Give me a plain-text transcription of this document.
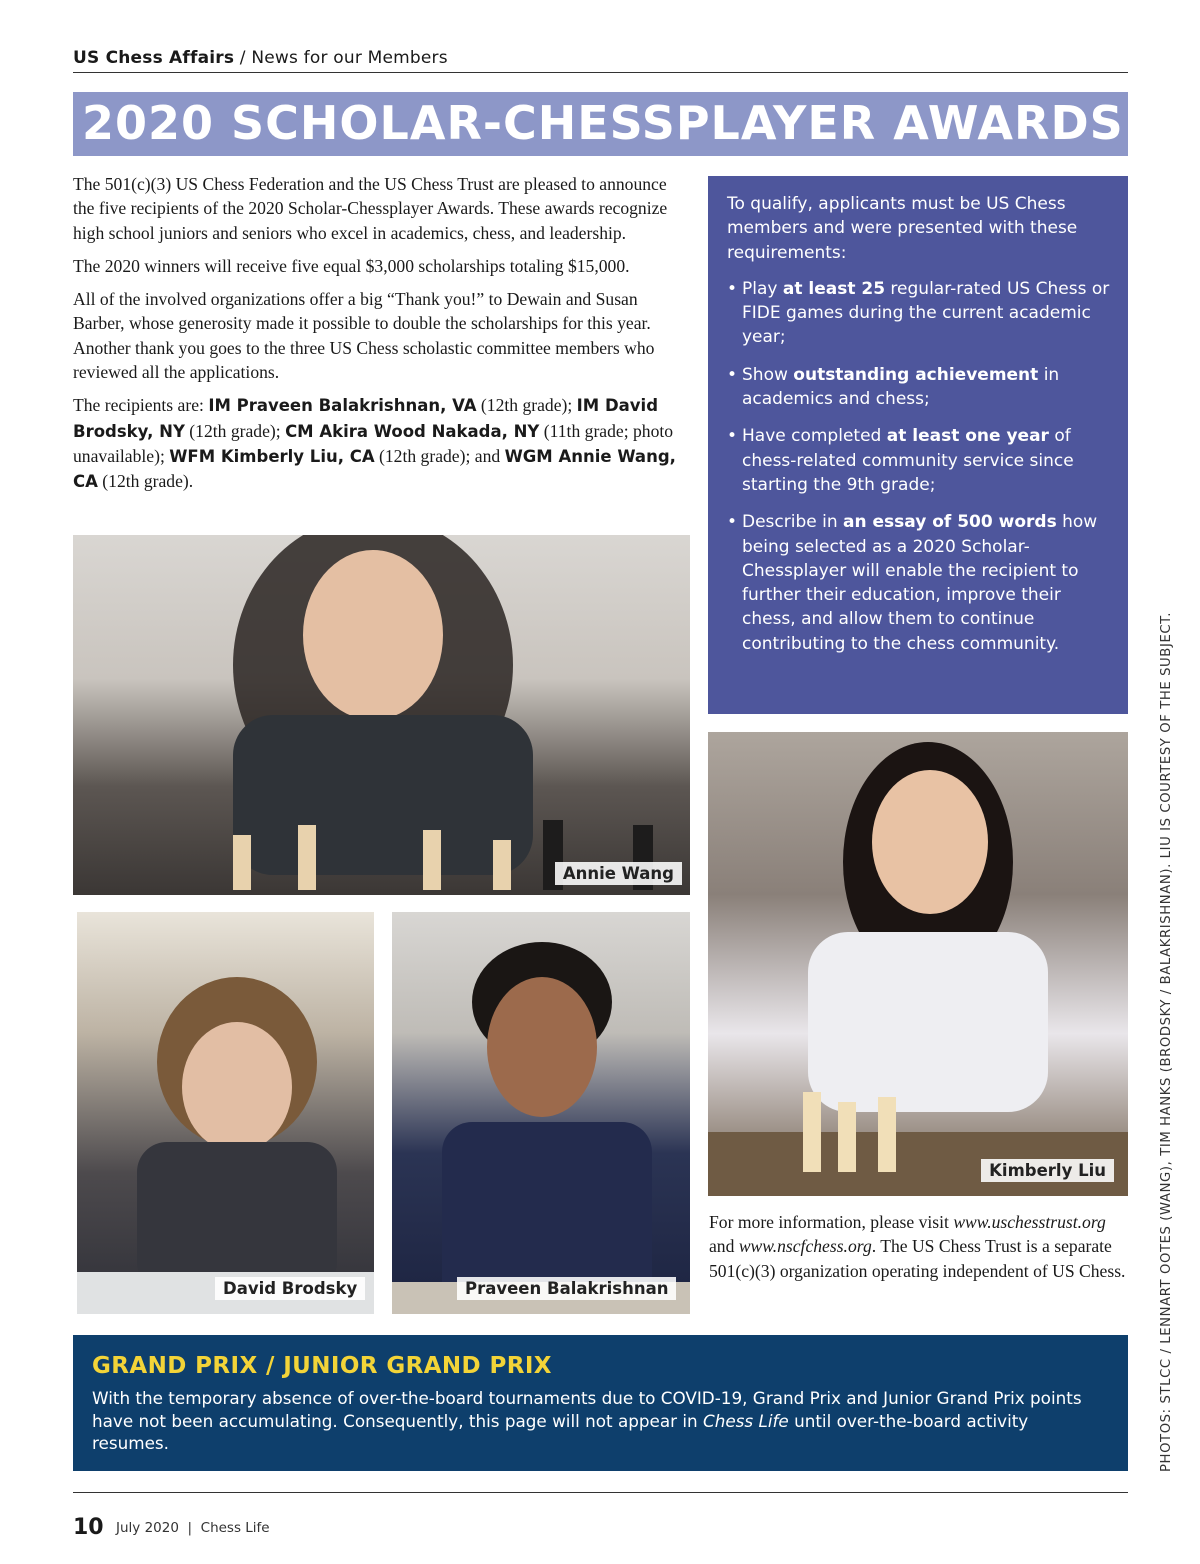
US Chess Affairs / News for our Members
2020 SCHOLAR-CHESSPLAYER AWARDS

The 501(c)(3) US Chess Federation and the US Chess Trust are pleased to announce the five recipients of the 2020 Scholar-Chessplayer Awards. These awards recognize high school juniors and seniors who excel in academics, chess, and leadership.

The 2020 winners will receive five equal $3,000 scholarships totaling $15,000.

All of the involved organizations offer a big “Thank you!” to Dewain and Susan Barber, whose generosity made it possible to double the scholarships for this year. Another thank you goes to the three US Chess scholastic committee members who reviewed all the applications.

The recipients are: IM Praveen Balakrishnan, VA (12th grade); IM David Brodsky, NY (12th grade); CM Akira Wood Nakada, NY (11th grade; photo unavailable); WFM Kimberly Liu, CA (12th grade); and WGM Annie Wang, CA (12th grade).

To qualify, applicants must be US Chess members and were presented with these requirements:

• Play at least 25 regular-rated US Chess or FIDE games during the current academic year;
• Show outstanding achievement in academics and chess;
• Have completed at least one year of chess-related community service since starting the 9th grade;
• Describe in an essay of 500 words how being selected as a 2020 Scholar-Chessplayer will enable the recipient to further their education, improve their chess, and allow them to continue contributing to the chess community.
Annie Wang
David Brodsky	Praveen Balakrishnan
Kimberly Liu
For more information, please visit www.uschesstrust.org and www.nscfchess.org. The US Chess Trust is a separate 501(c)(3) organization operating independent of US Chess.
GRAND PRIX / JUNIOR GRAND PRIX
With the temporary absence of over-the-board tournaments due to COVID-19, Grand Prix and Junior Grand Prix points have not been accumulating. Consequently, this page will not appear in Chess Life until over-the-board activity resumes.
10 July 2020  |  Chess Life
PHOTOS: STLCC / LENNART OOTES (WANG), TIM HANKS (BRODSKY / BALAKRISHNAN). LIU IS COURTESY OF THE SUBJECT.
